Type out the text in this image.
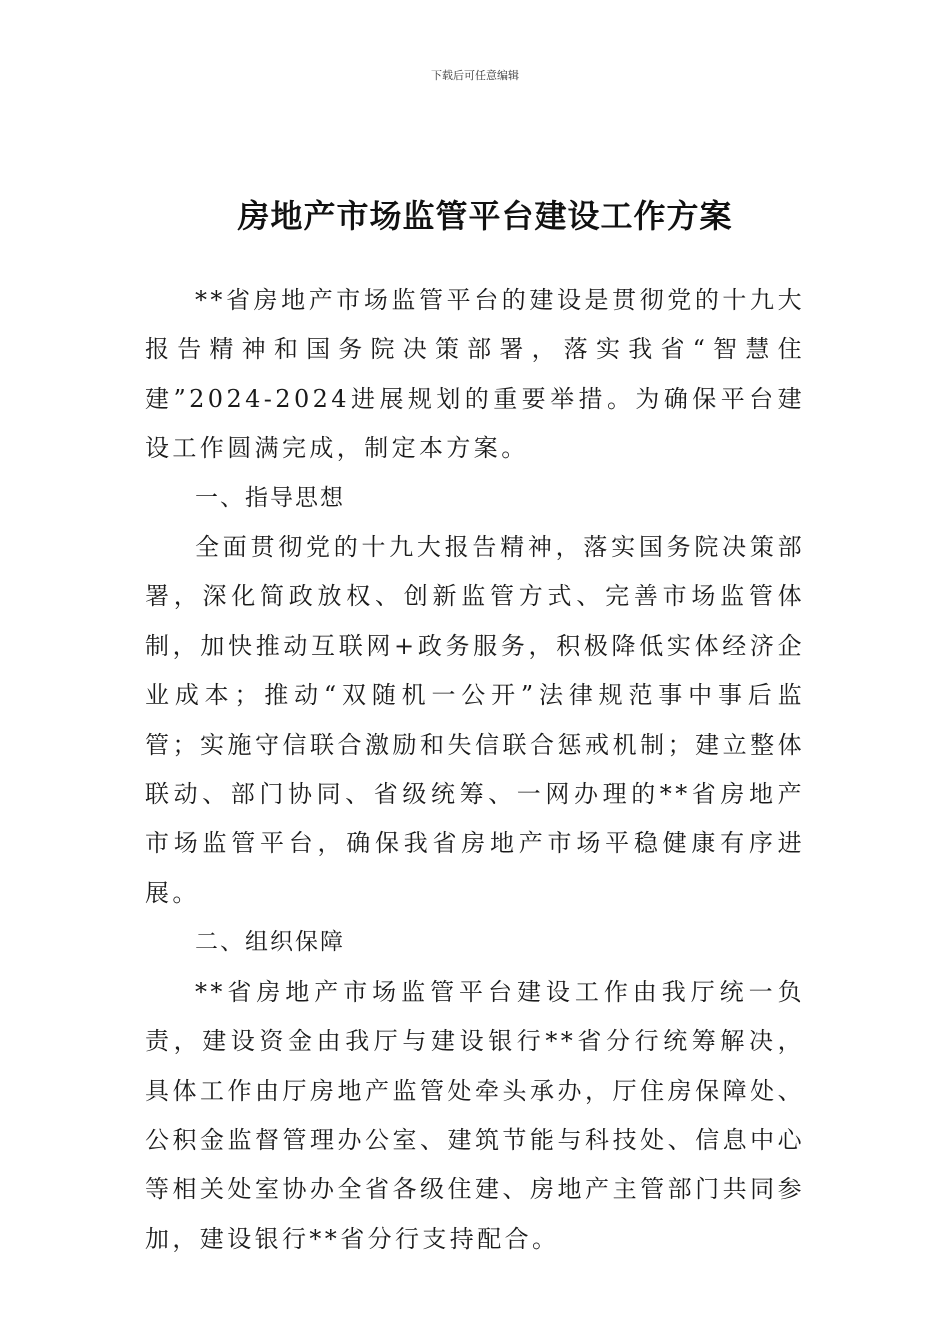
下载后可任意编辑
房地产市场监管平台建设工作方案

**省房地产市场监管平台的建设是贯彻党的十九大报告精神和国务院决策部署，落实我省“智慧住建”2024-2024进展规划的重要举措。为确保平台建设工作圆满完成，制定本方案。

一、指导思想

全面贯彻党的十九大报告精神，落实国务院决策部署，深化简政放权、创新监管方式、完善市场监管体制，加快推动互联网+政务服务，积极降低实体经济企业成本；推动“双随机一公开”法律规范事中事后监管；实施守信联合激励和失信联合惩戒机制；建立整体联动、部门协同、省级统筹、一网办理的**省房地产市场监管平台，确保我省房地产市场平稳健康有序进展。

二、组织保障

**省房地产市场监管平台建设工作由我厅统一负责，建设资金由我厅与建设银行**省分行统筹解决，具体工作由厅房地产监管处牵头承办，厅住房保障处、公积金监督管理办公室、建筑节能与科技处、信息中心等相关处室协办全省各级住建、房地产主管部门共同参加，建设银行**省分行支持配合。
